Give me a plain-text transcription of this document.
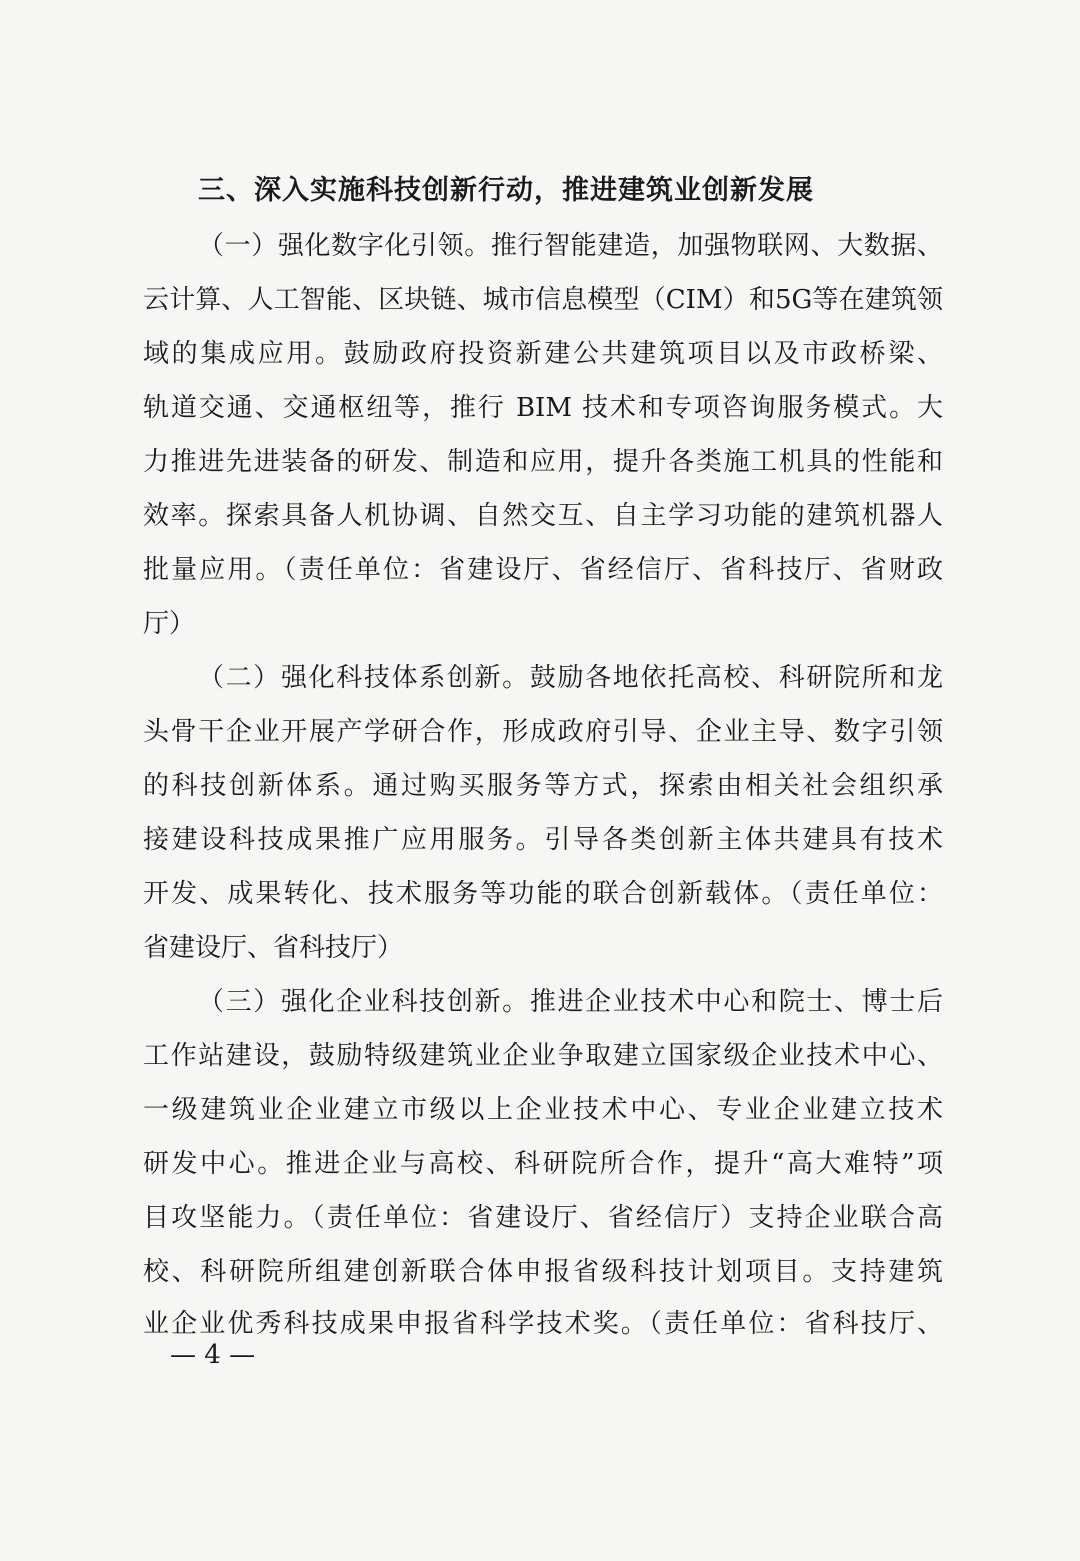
三、深入实施科技创新行动，推进建筑业创新发展
（一）强化数字化引领。推行智能建造，加强物联网、大数据、
云计算、人工智能、区块链、城市信息模型（CIM）和5G等在建筑领
域的集成应用。鼓励政府投资新建公共建筑项目以及市政桥梁、
轨道交通、交通枢纽等，推行 BIM 技术和专项咨询服务模式。大
力推进先进装备的研发、制造和应用，提升各类施工机具的性能和
效率。探索具备人机协调、自然交互、自主学习功能的建筑机器人
批量应用。（责任单位：省建设厅、省经信厅、省科技厅、省财政
厅）
（二）强化科技体系创新。鼓励各地依托高校、科研院所和龙
头骨干企业开展产学研合作，形成政府引导、企业主导、数字引领
的科技创新体系。通过购买服务等方式，探索由相关社会组织承
接建设科技成果推广应用服务。引导各类创新主体共建具有技术
开发、成果转化、技术服务等功能的联合创新载体。（责任单位：
省建设厅、省科技厅）
（三）强化企业科技创新。推进企业技术中心和院士、博士后
工作站建设，鼓励特级建筑业企业争取建立国家级企业技术中心、
一级建筑业企业建立市级以上企业技术中心、专业企业建立技术
研发中心。推进企业与高校、科研院所合作，提升“高大难特”项
目攻坚能力。（责任单位：省建设厅、省经信厅）支持企业联合高
校、科研院所组建创新联合体申报省级科技计划项目。支持建筑
业企业优秀科技成果申报省科学技术奖。（责任单位：省科技厅、
— 4 —
